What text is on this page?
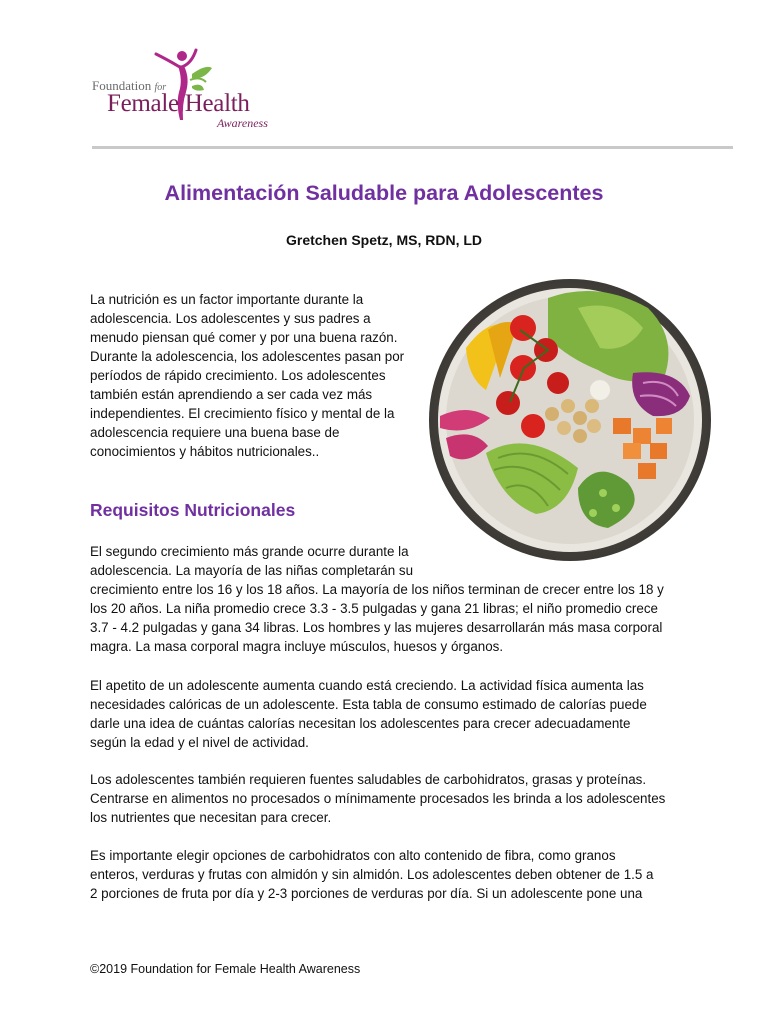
Foundation for
Female Health
Awareness
Alimentación Saludable para Adolescentes
Gretchen Spetz, MS, RDN, LD

La nutrición es un factor importante durante la
adolescencia. Los adolescentes y sus padres a
menudo piensan qué comer y por una buena razón.
Durante la adolescencia, los adolescentes pasan por
períodos de rápido crecimiento. Los adolescentes
también están aprendiendo a ser cada vez más
independientes. El crecimiento físico y mental de la
adolescencia requiere una buena base de
conocimientos y hábitos nutricionales..

Requisitos Nutricionales

El segundo crecimiento más grande ocurre durante la
adolescencia. La mayoría de las niñas completarán su
crecimiento entre los 16 y los 18 años. La mayoría de los niños terminan de crecer entre los 18 y
los 20 años. La niña promedio crece 3.3 - 3.5 pulgadas y gana 21 libras; el niño promedio crece
3.7 - 4.2 pulgadas y gana 34 libras. Los hombres y las mujeres desarrollarán más masa corporal
magra. La masa corporal magra incluye músculos, huesos y órganos.

El apetito de un adolescente aumenta cuando está creciendo. La actividad física aumenta las
necesidades calóricas de un adolescente. Esta tabla de consumo estimado de calorías puede
darle una idea de cuántas calorías necesitan los adolescentes para crecer adecuadamente
según la edad y el nivel de actividad.

Los adolescentes también requieren fuentes saludables de carbohidratos, grasas y proteínas.
Centrarse en alimentos no procesados o mínimamente procesados les brinda a los adolescentes
los nutrientes que necesitan para crecer.

Es importante elegir opciones de carbohidratos con alto contenido de fibra, como granos
enteros, verduras y frutas con almidón y sin almidón. Los adolescentes deben obtener de 1.5 a
2 porciones de fruta por día y 2-3 porciones de verduras por día. Si un adolescente pone una

©2019 Foundation for Female Health Awareness
